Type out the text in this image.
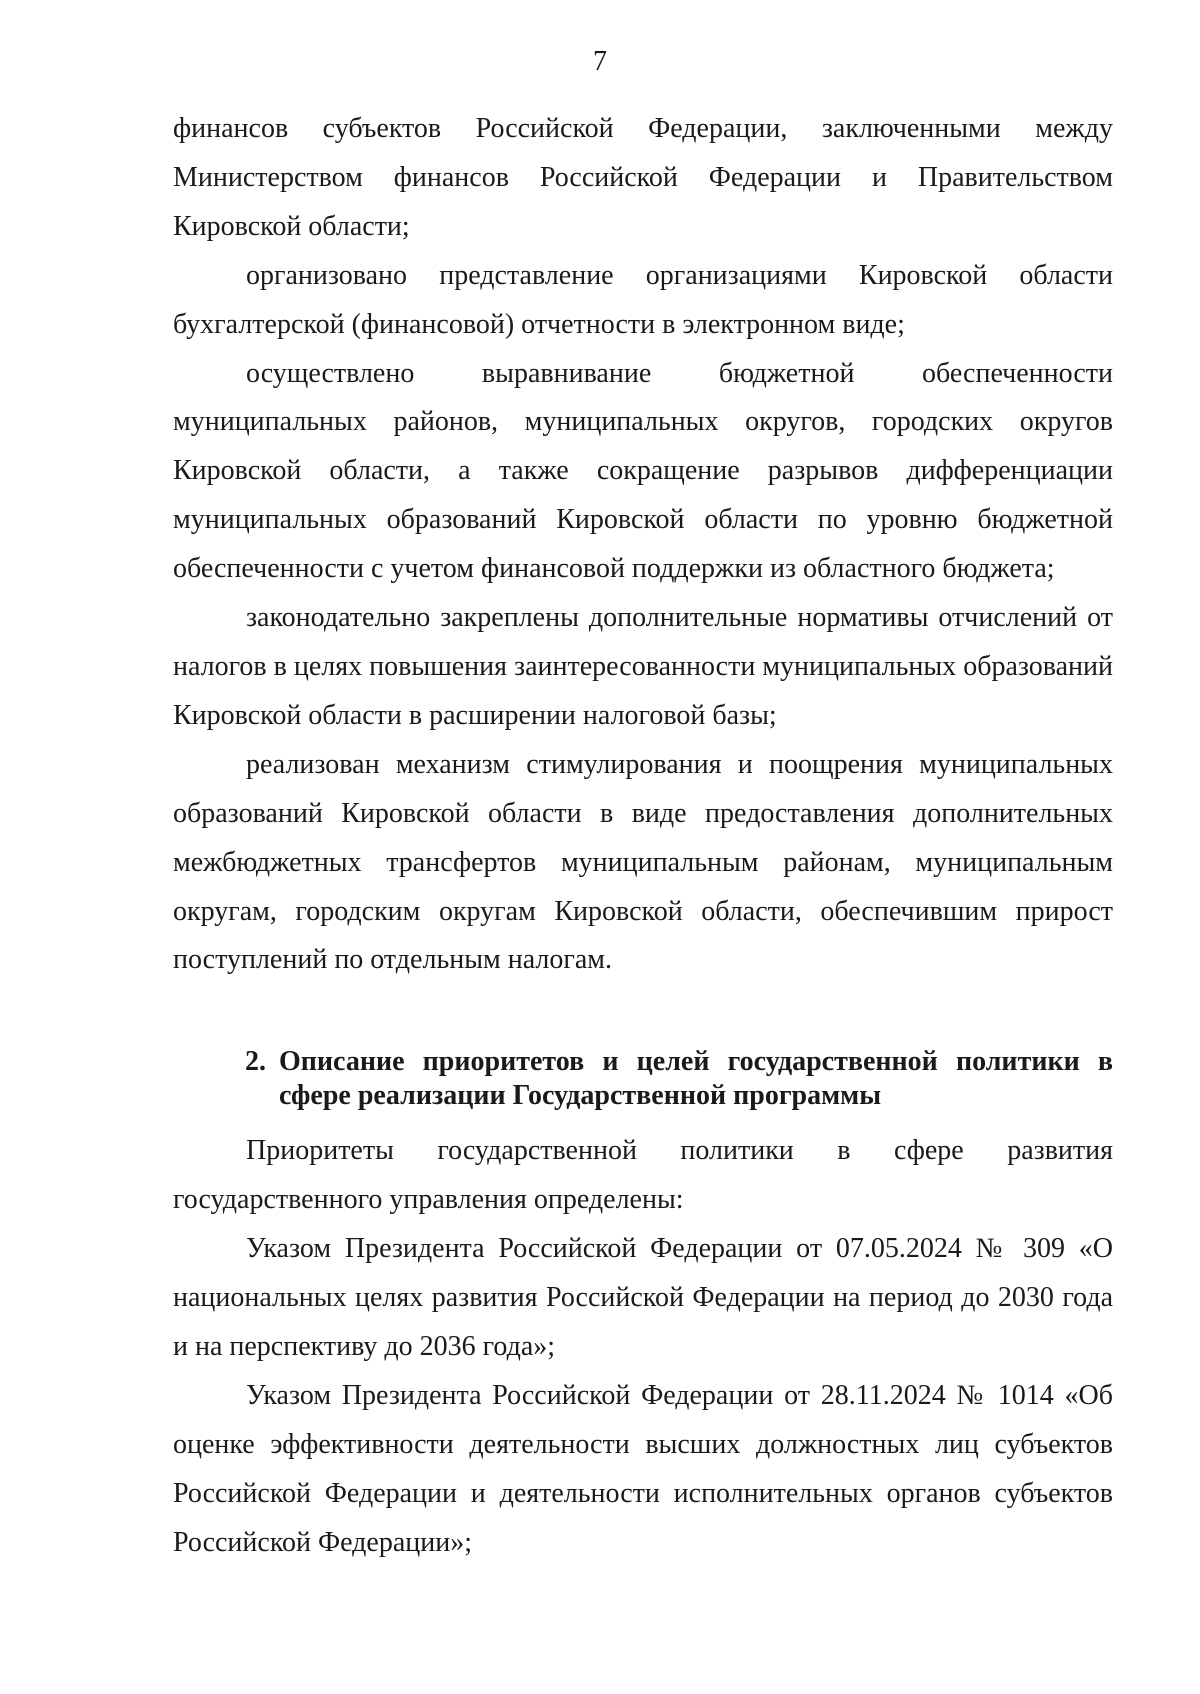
7

финансов субъектов Российской Федерации, заключенными между Министерством финансов Российской Федерации и Правительством Кировской области;

организовано представление организациями Кировской области бухгалтерской (финансовой) отчетности в электронном виде;

осуществлено выравнивание бюджетной обеспеченности муниципальных районов, муниципальных округов, городских округов Кировской области, а также сокращение разрывов дифференциации муниципальных образований Кировской области по уровню бюджетной обеспеченности с учетом финансовой поддержки из областного бюджета;

законодательно закреплены дополнительные нормативы отчислений от налогов в целях повышения заинтересованности муниципальных образований Кировской области в расширении налоговой базы;

реализован механизм стимулирования и поощрения муниципальных образований Кировской области в виде предоставления дополнительных межбюджетных трансфертов муниципальным районам, муниципальным округам, городским округам Кировской области, обеспечившим прирост поступлений по отдельным налогам.

2. Описание приоритетов и целей государственной политики в сфере реализации Государственной программы

Приоритеты государственной политики в сфере развития государственного управления определены:

Указом Президента Российской Федерации от 07.05.2024 № 309 «О национальных целях развития Российской Федерации на период до 2030 года и на перспективу до 2036 года»;

Указом Президента Российской Федерации от 28.11.2024 № 1014 «Об оценке эффективности деятельности высших должностных лиц субъектов Российской Федерации и деятельности исполнительных органов субъектов Российской Федерации»;
